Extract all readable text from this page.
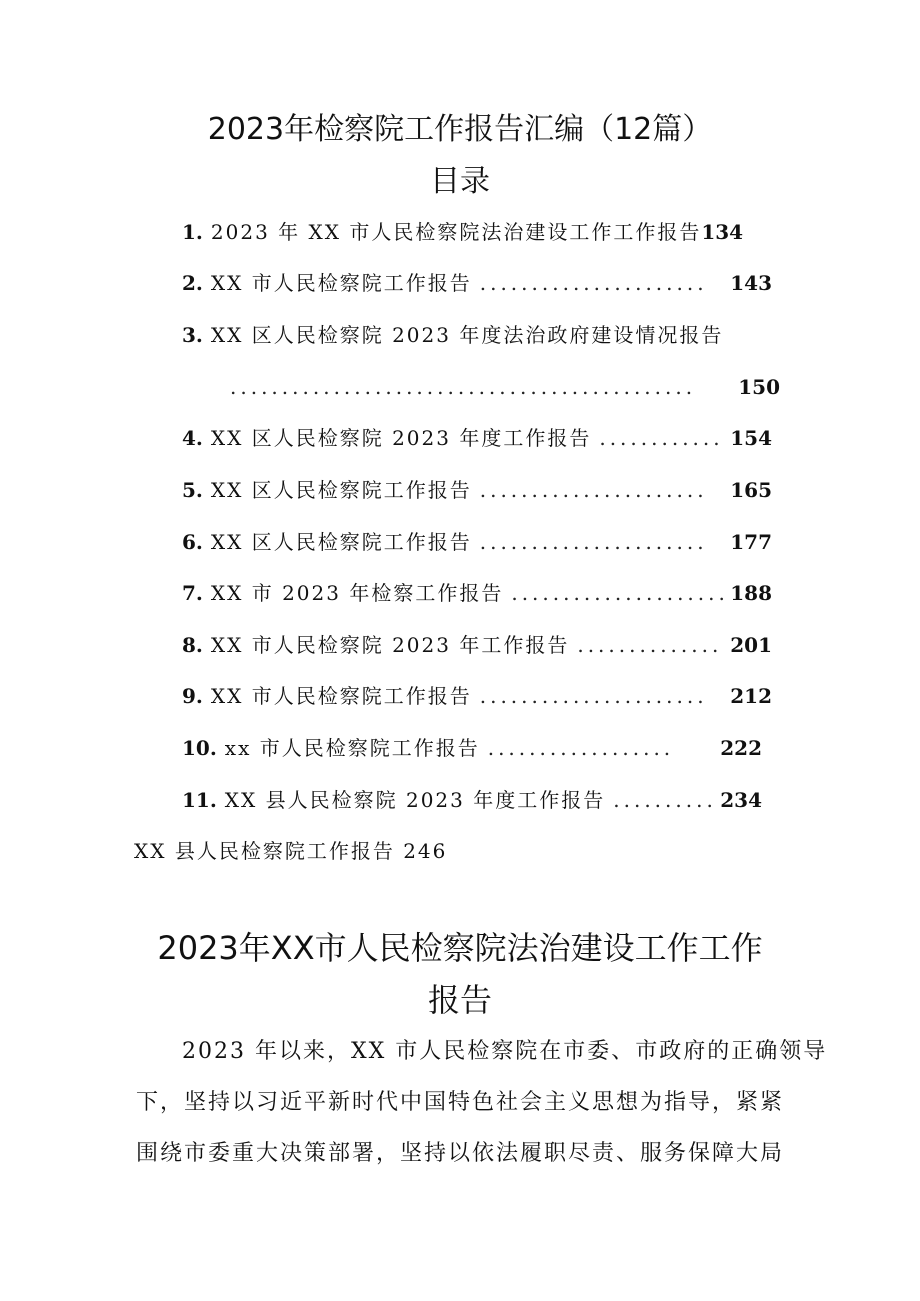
2023年检察院工作报告汇编（12篇）
目录
1. 2023 年 XX 市人民检察院法治建设工作工作报告 134
2. XX 市人民检察院工作报告 ......................	143
3. XX 区人民检察院 2023 年度法治政府建设情况报告
.............................................	150
4. XX 区人民检察院 2023 年度工作报告 ............ 154
5. XX 区人民检察院工作报告 ......................	165
6. XX 区人民检察院工作报告 ......................	177
7. XX 市 2023 年检察工作报告 ..................... 188
8. XX 市人民检察院 2023 年工作报告 .............. 201
9. XX 市人民检察院工作报告 ......................	212
10. xx 市人民检察院工作报告 ..................	222
11. XX 县人民检察院 2023 年度工作报告 .......... 234
XX 县人民检察院工作报告 246
2023年XX市人民检察院法治建设工作工作
报告
2023 年以来，XX 市人民检察院在市委、市政府的正确领导
下，坚持以习近平新时代中国特色社会主义思想为指导，紧紧
围绕市委重大决策部署，坚持以依法履职尽责、服务保障大局
